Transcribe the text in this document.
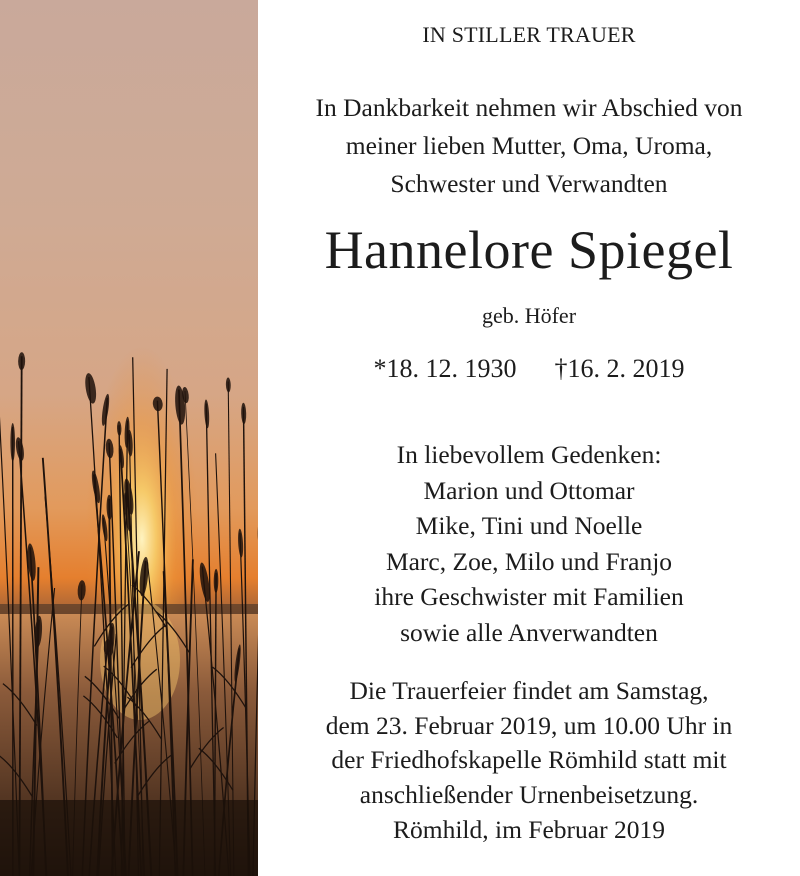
IN STILLER TRAUER
In Dankbarkeit nehmen wir Abschied von
meiner lieben Mutter, Oma, Uroma,
Schwester und Verwandten
Hannelore Spiegel
geb. Höfer
*18. 12. 1930 †16. 2. 2019
In liebevollem Gedenken:
Marion und Ottomar
Mike, Tini und Noelle
Marc, Zoe, Milo und Franjo
ihre Geschwister mit Familien
sowie alle Anverwandten
Die Trauerfeier findet am Samstag,
dem 23. Februar 2019, um 10.00 Uhr in
der Friedhofskapelle Römhild statt mit
anschließender Urnenbeisetzung.
Römhild, im Februar 2019
